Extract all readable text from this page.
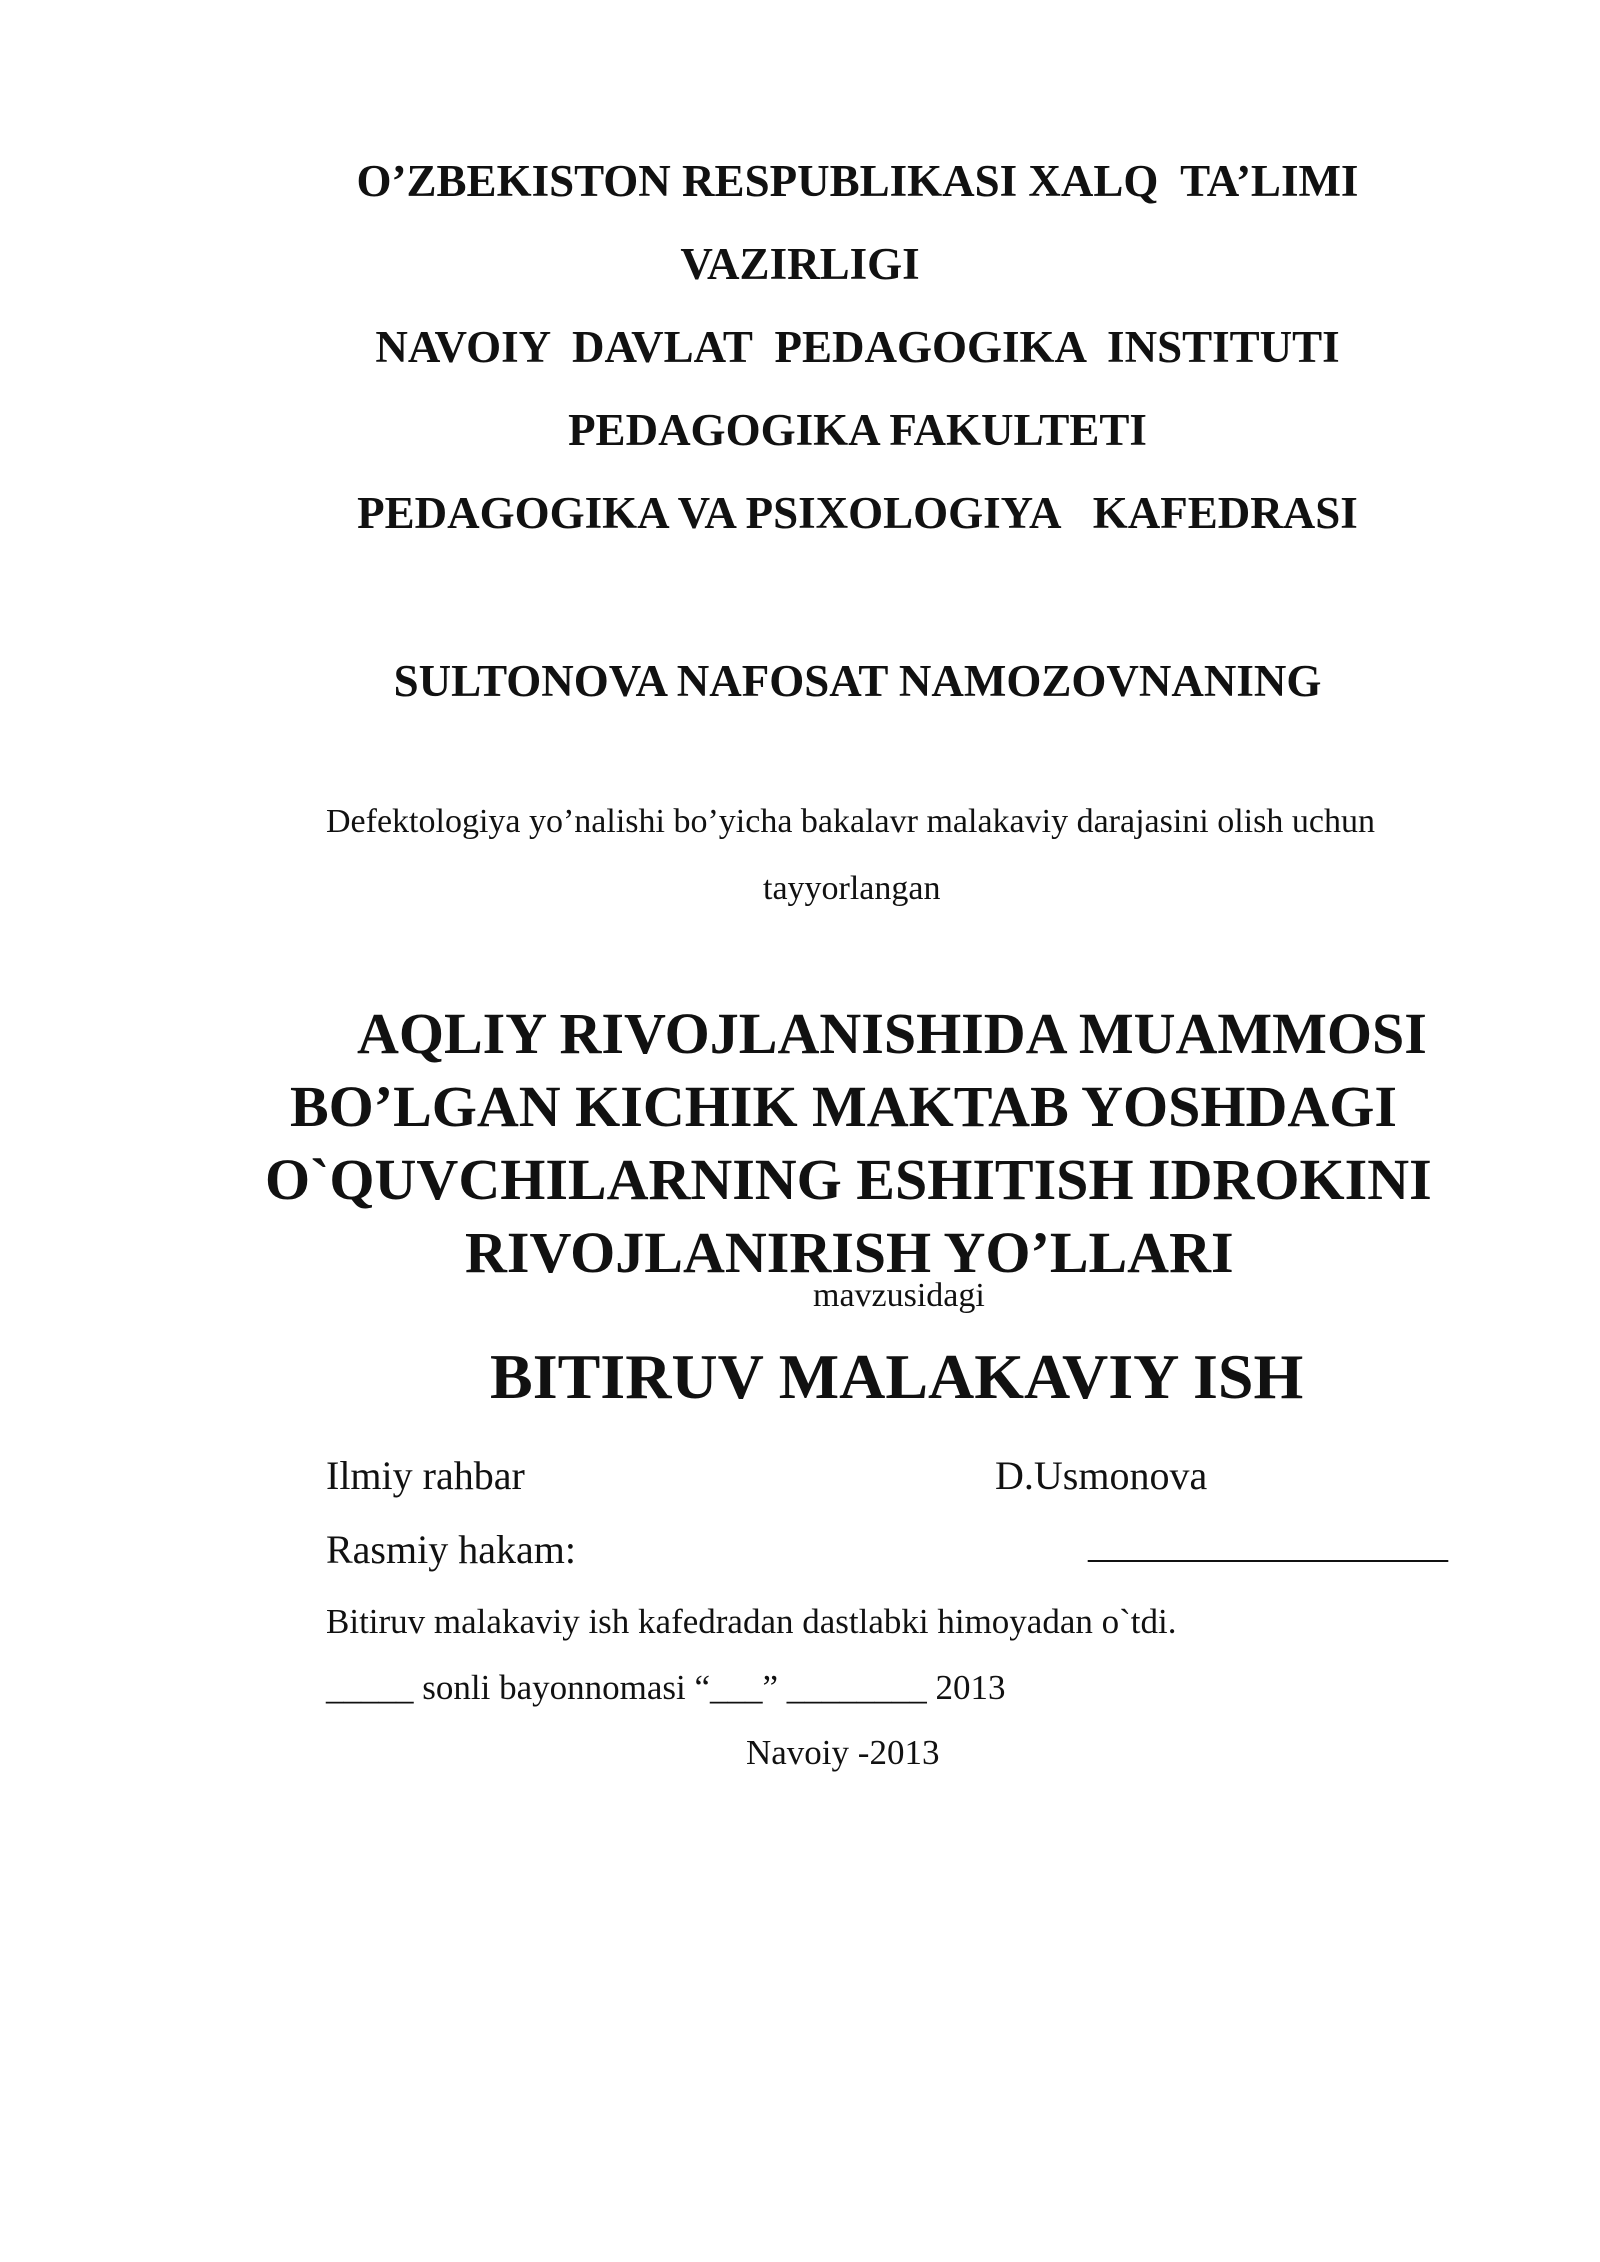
O’ZBEKISTON RESPUBLIKASI XALQ  TA’LIMI
VAZIRLIGI
NAVOIY  DAVLAT  PEDAGOGIKA  INSTITUTI
PEDAGOGIKA FAKULTETI
PEDAGOGIKA VA PSIXOLOGIYA   KAFEDRASI
SULTONOVA NAFOSAT NAMOZOVNANING
Defektologiya yo’nalishi bo’yicha bakalavr malakaviy darajasini olish uchun
tayyorlangan
AQLIY RIVOJLANISHIDA MUAMMOSI
BO’LGAN KICHIK MAKTAB YOSHDAGI
O`QUVCHILARNING ESHITISH IDROKINI
RIVOJLANIRISH YO’LLARI
mavzusidagi
BITIRUV MALAKAVIY ISH
Ilmiy rahbar	D.Usmonova
Rasmiy hakam:	__________________
Bitiruv malakaviy ish kafedradan dastlabki himoyadan o`tdi.
_____ sonli bayonnomasi “___” ________ 2013
Navoiy -2013
